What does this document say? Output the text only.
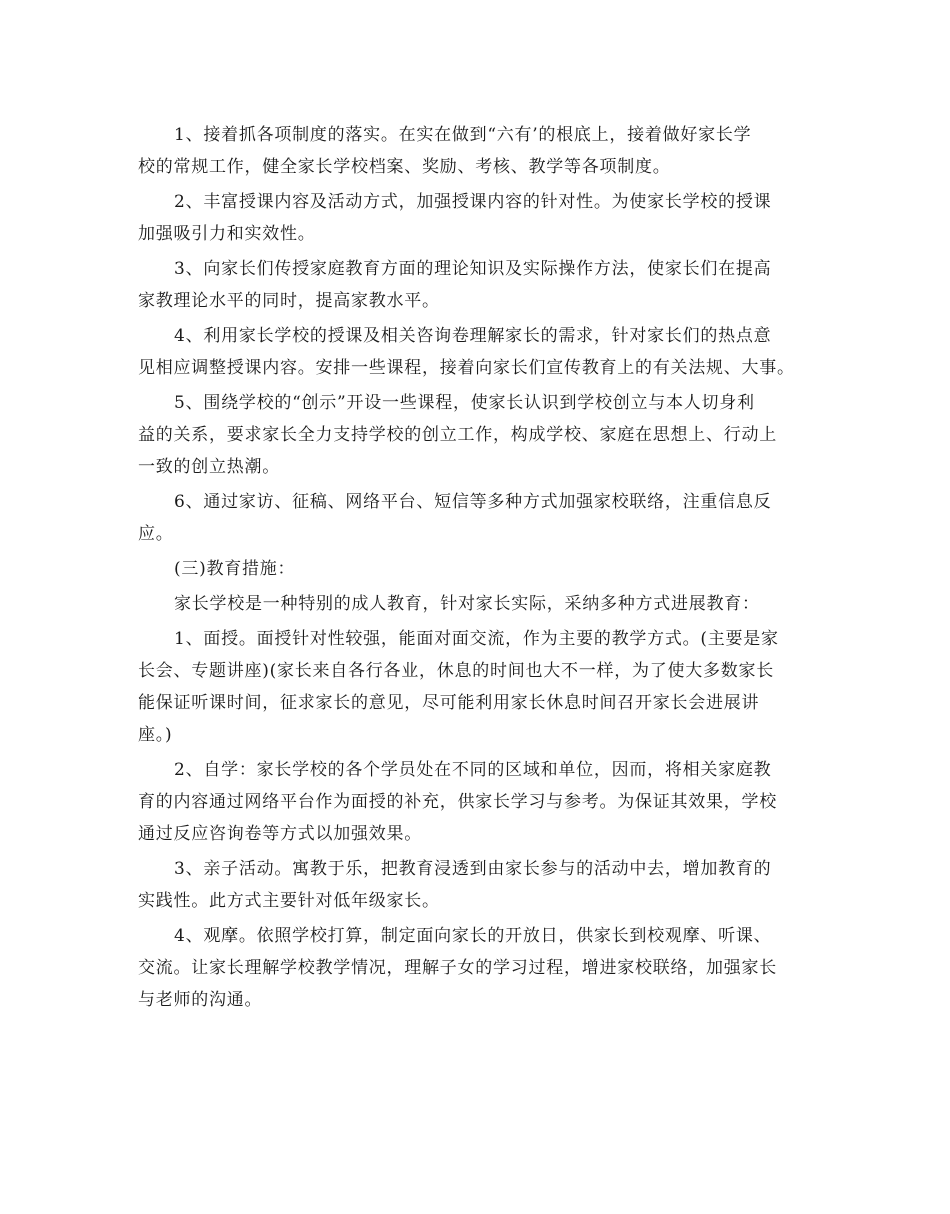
1、接着抓各项制度的落实。在实在做到“六有’的根底上，接着做好家长学
校的常规工作，健全家长学校档案、奖励、考核、教学等各项制度。

2、丰富授课内容及活动方式，加强授课内容的针对性。为使家长学校的授课
加强吸引力和实效性。

3、向家长们传授家庭教育方面的理论知识及实际操作方法，使家长们在提高
家教理论水平的同时，提高家教水平。

4、利用家长学校的授课及相关咨询卷理解家长的需求，针对家长们的热点意
见相应调整授课内容。安排一些课程，接着向家长们宣传教育上的有关法规、大事。

5、围绕学校的“创示”开设一些课程，使家长认识到学校创立与本人切身利
益的关系，要求家长全力支持学校的创立工作，构成学校、家庭在思想上、行动上
一致的创立热潮。

6、通过家访、征稿、网络平台、短信等多种方式加强家校联络，注重信息反
应。

(三)教育措施：

家长学校是一种特别的成人教育，针对家长实际，采纳多种方式进展教育：

1、面授。面授针对性较强，能面对面交流，作为主要的教学方式。(主要是家
长会、专题讲座)(家长来自各行各业，休息的时间也大不一样，为了使大多数家长
能保证听课时间，征求家长的意见，尽可能利用家长休息时间召开家长会进展讲
座。)

2、自学：家长学校的各个学员处在不同的区域和单位，因而，将相关家庭教
育的内容通过网络平台作为面授的补充，供家长学习与参考。为保证其效果，学校
通过反应咨询卷等方式以加强效果。

3、亲子活动。寓教于乐，把教育浸透到由家长参与的活动中去，增加教育的
实践性。此方式主要针对低年级家长。

4、观摩。依照学校打算，制定面向家长的开放日，供家长到校观摩、听课、
交流。让家长理解学校教学情况，理解子女的学习过程，增进家校联络，加强家长
与老师的沟通。
